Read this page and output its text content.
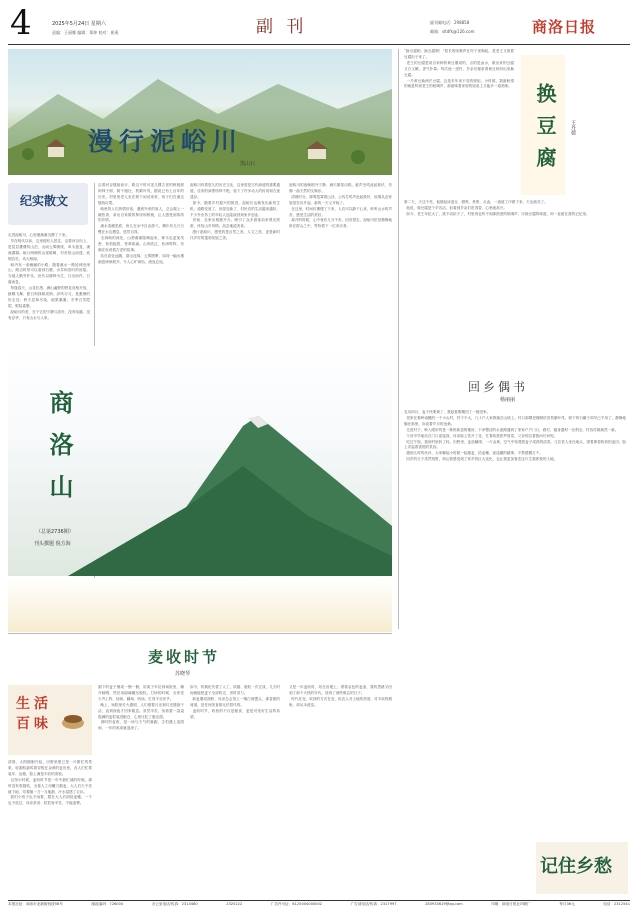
4	2025年5月24日 星期六
责编：王丽娜 编辑：郑坤 校对：崔燕	副 刊	副刊邮电话：298858
邮箱：sltdfk@126.com	商洛日报
漫行泥峪川
黑山石
纪实散文
走进泥峪川，心里便渐渐沉静了下来。
早在明代以前，这里便有人居住，沿着河谷向上，是层层叠叠的山峦，山间云雾缭绕，草木葱茏，溪流潺潺。峪口两侧的山崖陡峭，村舍依山而建，炊烟袅袅，鸡犬相闻。
峪内有一条蜿蜒的小路，随着溪水一路延伸至深山，路边时常可以看到石磨、水井和旧时的房屋。当地人勤劳朴实，世代以耕种为生，日出而作，日落而息。
每逢春天，山花烂漫，满山遍野的野花竞相开放，蜂蝶飞舞；夏日则绿树成荫，凉风习习，是避暑的好去处；秋天层林尽染，硕果累累；冬季白雪皑皑，银装素裹。
泥峪川的美，在于它的宁静与质朴，没有喧嚣，没有浮华，只有山水与人家。
沿着河谷继续前行，路边不时可见几棵古老的核桃树和柿子树，树干粗壮，枝繁叶茂，据说已有上百年的历史。村里的老人坐在树下闲话家常，孩子们在溪边嬉戏玩耍。
峪里的人们热情好客，遇到外来的客人，总会端上一碗热茶，拿出自家做的柿饼和核桃，让人感受到浓浓的乡情。
溪水清澈见底，鱼儿在水中自由游弋，偶尔有几只白鹭在水边栖息，悠然自得。
走到峪的深处，山势渐渐陡峭起来，林木也更加茂密，松柏挺拔，苍翠欲滴。山风吹过，松涛阵阵，仿佛在诉说着古老的故事。
站在高处远眺，群山连绵，云雾缥缈，如同一幅水墨画卷徐徐展开，令人心旷神怡，流连忘返。
泥峪川有着悠久的历史文化，这里曾是古代商道的重要通道，往来的商贾络绎不绝，留下了许多动人的传说和古迹遗存。
如今，随着乡村振兴的推进，泥峪川也焕发出新的生机，道路变宽了，房屋变新了，村民们的生活越来越好，不少外出务工的年轻人也陆续回到家乡创业。
民宿、农家乐相继开办，吸引了众多游客前来观光旅游，体验山乡风情，品尝地道美食。
漫行泥峪川，感受的是自然之美、人文之美，更是新时代乡村的蓬勃发展之美。
泥峪川的夜晚格外宁静，满天繁星闪烁，蛙声虫鸣此起彼伏，仿佛一曲天然的交响乐。
清晨时分，薄雾笼罩着山谷，公鸡打鸣声此起彼伏，炊烟从农家屋顶袅袅升起，新的一天又开始了。
在这里，时间仿佛慢了下来，人们可以静下心来，聆听山水的声音，感受生活的美好。
离开的时候，心中竟有几分不舍，回首望去，泥峪川依旧静静地卧在群山之中，等待着下一位来访者。
“换豆腐哟，换豆腐咧！”悠长的吆喝声在村子里响起，是老王又挑着豆腐担子来了。
老王的豆腐是用自家种的黄豆磨成的，点的是卤水，做出来的豆腐又白又嫩，香气扑鼻。每次他一进村，乡亲们便拿着黄豆纷纷出来换豆腐。
一斤黄豆换两斤豆腐，这是多年来不变的规矩。小时候，我最盼望的就是听到老王的吆喝声，那意味着家里的饭桌上又能多一道美味。 换豆腐	王丹德
第二天，天还不亮，他便起床泡豆、磨浆、煮浆、点卤，一道道工序做下来，天也就亮了。
他说，做豆腐是个辛苦活，但看到乡亲们吃得香，心里就高兴。
如今，老王年纪大了，挑不动担子了，村里再也听不到那熟悉的吆喝声，可那豆腐的味道，却一直留在我的记忆里。
商洛山
（总第2736期）
刊头撰题 倪方海
回乡偶书
杨丽丽
农历四月，麦子快要黄了，我趁着假期回了一趟老家。
老家在秦岭南麓的一个小山村，村子不大，几十户人家散落在山坡上。村口那棵老槐树依旧枝繁叶茂，树下的石碾子却早已不用了，静静地躺在那里，诉说着岁月的沧桑。
走进村子，映入眼帘的是一栋栋新盖的楼房，干净整洁的水泥路通到了家家户户门口，路灯、健身器材一应俱全，村容村貌焕然一新。
父母早早地站在门口迎接我，母亲脸上笑开了花，忙着给我张罗饭菜，父亲则拉着我问长问短。
吃过午饭，我到村里转了转。田野里，麦浪翻滚，一片金黄，空气中弥漫着麦子成熟的清香。几位老人坐在地头，望着即将收获的麦田，脸上洋溢着喜悦的笑容。
遇到儿时的伙伴，大家聊起小时候一起割麦、拾麦穗、捉迷藏的趣事，不禁感慨万千。
回乡的日子虽然短暂，却让我感受到了家乡的巨大变化，也让我更加眷恋这片生我养我的土地。
麦收时节
苏晓琴
生 活
百 味
清晨，太阳刚刚升起，田野里便已是一片繁忙的景象，收割机轰鸣着穿梭在金黄的麦田里，农人们忙着装车、运粮，脸上满是丰收的喜悦。
记得小时候，麦收时节是一年中最忙碌的时候。那时没有收割机，全靠人工用镰刀割麦，大人们天不亮就下地，弯着腰一刀一刀地割，汗水湿透了衣衫。
我们小孩子也不闲着，跟在大人后面拾麦穗，一个也不放过，母亲常说：粒粒皆辛苦，不能浪费。
割下的麦子捆成一捆一捆，用架子车拉到场院里，摊开晾晒，然后用碌碡碾压脱粒。打场的时候，全家老少齐上阵，扬场、翻场、收场，忙得不亦乐乎。
晚上，场院里灯火通明，人们借着月光和灯光继续干活，直到深夜才回家歇息。虽然辛苦，但看着一袋袋饱满的麦粒装进粮仓，心里比吃了蜜还甜。
那时的麦收，是一场与天气的赛跑，生怕遇上连阴雨，一年的收成就泡汤了。
如今，机械化代替了人工，收割、脱粒一次完成，几天时间就能把麦子全部收完，省时省力。
新麦磨成面粉，母亲总会蒸上一锅白面馒头，那香甜的味道，是任何美食都无法替代的。
麦收时节，收获的不仅是粮食，更是对美好生活的希望。
又是一年麦收时，站在田埂上，望着金色的麦浪，我的思绪又回到了那个火热的年代，回到了那些难忘的日子。
时代在变，收获的方式在变，但农人对土地的热爱，对丰收的期盼，却从未改变。
记住乡愁
本报社址：商洛市北新街西段58号	邮政编码：726000	办公室电话/传真：2313480	2325222	广告许可证：6125004000002	广告部电话/传真：2317997	283933619@qq.com	印刷：商洛日报社印刷厂	每月36元	电话：2312541
